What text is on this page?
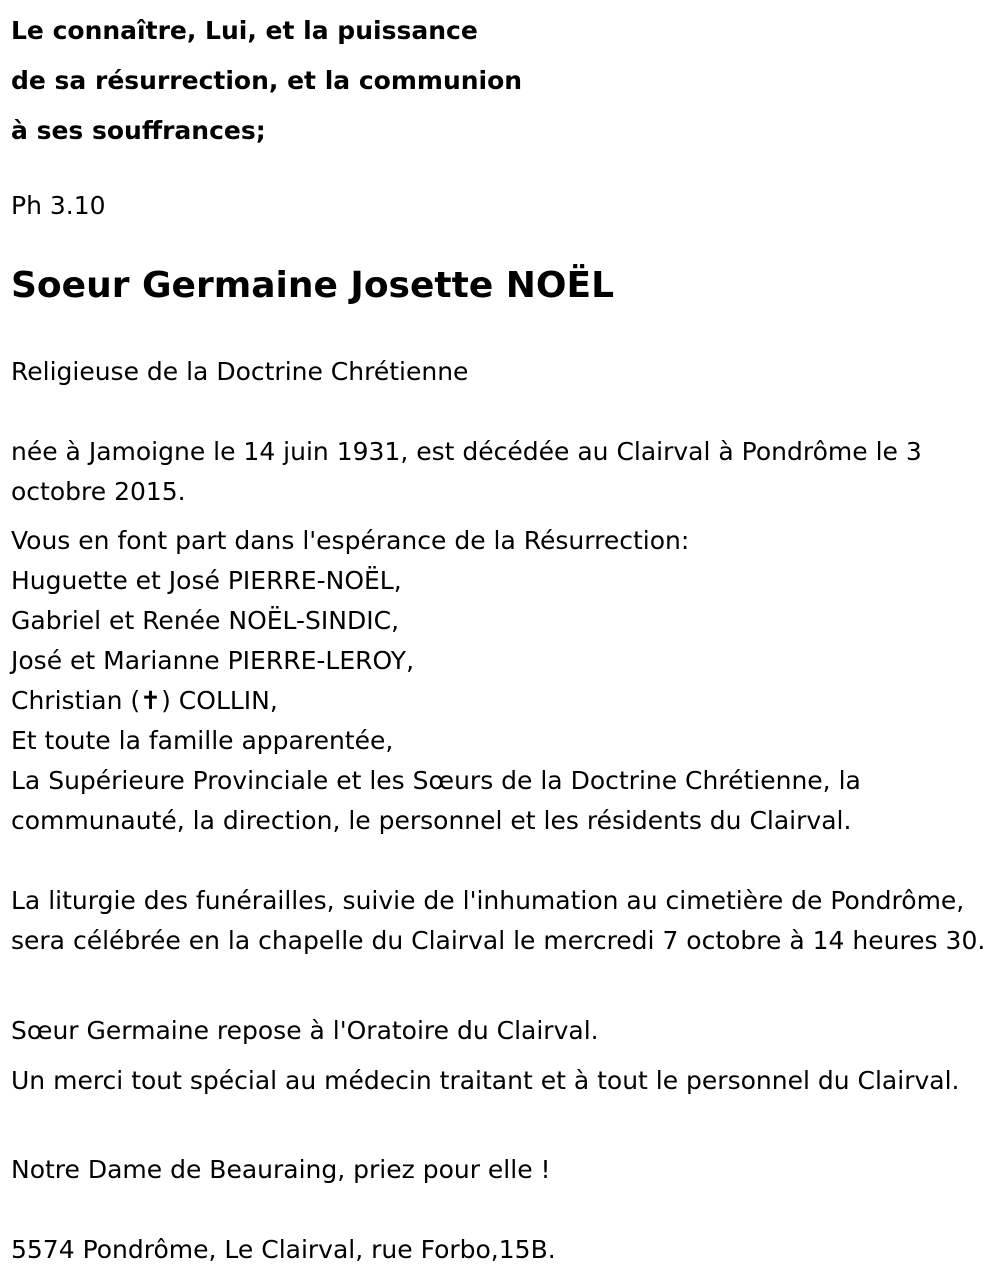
Le connaître, Lui, et la puissance
de sa résurrection, et la communion
à ses souffrances;
Ph 3.10
Soeur Germaine Josette NOËL
Religieuse de la Doctrine Chrétienne
née à Jamoigne le 14 juin 1931, est décédée au Clairval à Pondrôme le 3 octobre 2015.
Vous en font part dans l'espérance de la Résurrection:
Huguette et José PIERRE-NOËL,
Gabriel et Renée NOËL-SINDIC,
José et Marianne PIERRE-LEROY,
Christian (✝) COLLIN,
Et toute la famille apparentée,
La Supérieure Provinciale et les Sœurs de la Doctrine Chrétienne, la communauté, la direction, le personnel et les résidents du Clairval.
La liturgie des funérailles, suivie de l'inhumation au cimetière de Pondrôme, sera célébrée en la chapelle du Clairval le mercredi 7 octobre à 14 heures 30.
Sœur Germaine repose à l'Oratoire du Clairval.
Un merci tout spécial au médecin traitant et à tout le personnel du Clairval.
Notre Dame de Beauraing, priez pour elle !
5574 Pondrôme, Le Clairval, rue Forbo,15B.
